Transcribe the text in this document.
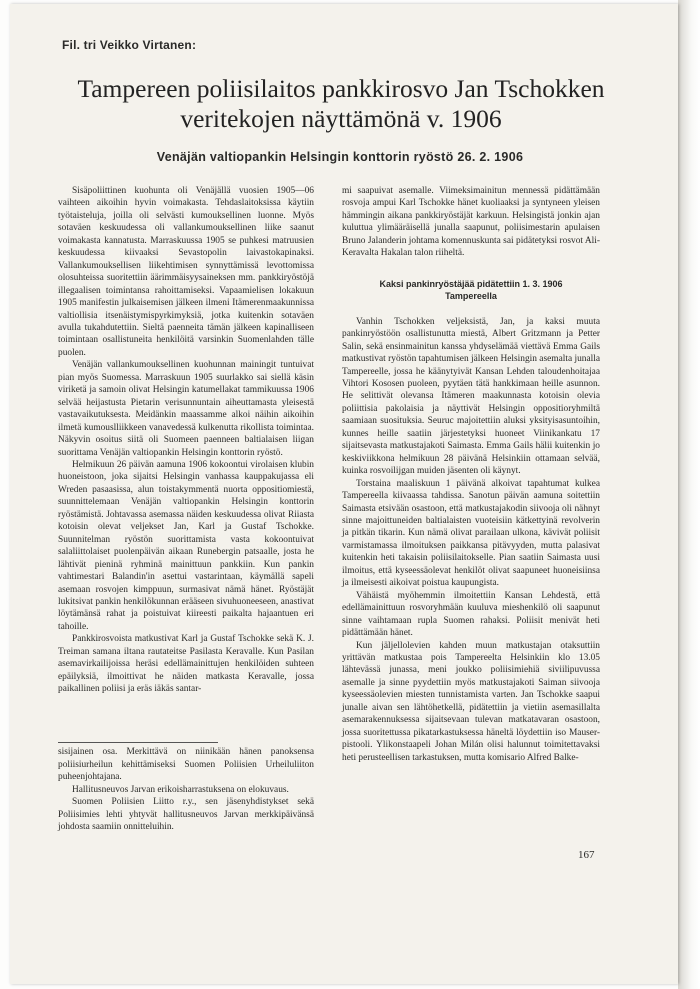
Fil. tri Veikko Virtanen:
Tampereen poliisilaitos pankkirosvo Jan Tschokken
veritekojen näyttämönä v. 1906
Venäjän valtiopankin Helsingin konttorin ryöstö 26. 2. 1906

Sisäpoliittinen kuohunta oli Venäjällä vuosien 1905—06 vaihteen aikoihin hyvin voimakasta. Tehdaslaitoksissa käytiin työtaisteluja, joilla oli selvästi kumouksellinen luonne. Myös sotaväen keskuudessa oli vallankumouksellinen liike saanut voimakasta kannatusta. Marraskuussa 1905 se puhkesi matruusien keskuudessa kiivaaksi Sevastopolin laivastokapinaksi. Vallankumouksellisen liikehtimisen synnyttämissä levottomissa olosuhteissa suoritettiin äärimmäisyysaineksen mm. pankkiryöstöjä illegaalisen toimintansa rahoittamiseksi. Vapaamielisen lokakuun 1905 manifestin julkaisemisen jälkeen ilmeni Itämerenmaakunnissa valtiollisia itsenäistymispyrkimyksiä, jotka kuitenkin sotaväen avulla tukahdutettiin. Sieltä paenneita tämän jälkeen kapinalliseen toimintaan osallistuneita henkilöitä varsinkin Suomenlahden tälle puolen.

Venäjän vallankumouksellinen kuohunnan mainingit tuntuivat pian myös Suomessa. Marraskuun 1905 suurlakko sai siellä käsin viriketä ja samoin olivat Helsingin katumellakat tammikuussa 1906 selvää heijastusta Pietarin verisunnuntain aiheuttamasta yleisestä vastavaikutuksesta. Meidänkin maassamme alkoi näihin aikoihin ilmetä kumouslliikkeen vanavedessä kulkenutta rikollista toimintaa. Näkyvin osoitus siitä oli Suomeen paenneen baltialaisen liigan suorittama Venäjän valtiopankin Helsingin konttorin ryöstö.

Helmikuun 26 päivän aamuna 1906 kokoontui virolaisen klubin huoneistoon, joka sijaitsi Helsingin vanhassa kauppakujassa eli Wreden pasaasissa, alun toistakymmentä nuorta oppositiomiestä, suunnittelemaan Venäjän valtiopankin Helsingin konttorin ryöstämistä. Johtavassa asemassa näiden keskuudessa olivat Riiasta kotoisin olevat veljekset Jan, Karl ja Gustaf Tschokke. Suunnitelman ryöstön suorittamista vasta kokoontuivat salaliittolaiset puolenpäivän aikaan Runebergin patsaalle, josta he lähtivät pieninä ryhminä mainittuun pankkiin. Kun pankin vahtimestari Balandin'in asettui vastarintaan, käymällä sapeli asemaan rosvojen kimppuun, surmasivat nämä hänet. Ryöstäjät lukitsivat pankin henkilökunnan erääseen sivuhuoneeseen, anastivat löytämänsä rahat ja poistuivat kiireesti paikalta hajaantuen eri tahoille.

Pankkirosvoista matkustivat Karl ja Gustaf Tschokke sekä K. J. Treiman samana iltana rautateitse Pasilasta Keravalle. Kun Pasilan asemavirkailijoissa heräsi edellämainittujen henkilöiden suhteen epäilyksiä, ilmoittivat he näiden matkasta Keravalle, jossa paikallinen poliisi ja eräs iäkäs santar-

sisijainen osa. Merkittävä on niinikään hänen panoksensa poliisiurheilun kehittämiseksi Suomen Poliisien Urheiluliiton puheenjohtajana.

Hallitusneuvos Jarvan erikoisharrastuksena on elokuvaus.

Suomen Poliisien Liitto r.y., sen jäsenyhdistykset sekä Poliisimies lehti yhtyvät hallitusneuvos Jarvan merkkipäivänsä johdosta saamiin onnitteluihin.

mi saapuivat asemalle. Viimeksimainitun mennessä pidättämään rosvoja ampui Karl Tschokke hänet kuoliaaksi ja syntyneen yleisen hämmingin aikana pankkiryöstäjät karkuun. Helsingistä jonkin ajan kuluttua ylimääräisellä junalla saapunut, poliisimestarin apulaisen Bruno Jalanderin johtama komennuskunta sai pidätetyksi rosvot Ali-Keravalta Hakalan talon riiheltä.

Kaksi pankinryöstäjää pidätettiin 1. 3. 1906
Tampereella

Vanhin Tschokken veljeksistä, Jan, ja kaksi muuta pankinryöstöön osallistunutta miestä, Albert Gritzmann ja Petter Salin, sekä ensinmainitun kanssa yhdyselämää viettävä Emma Gails matkustivat ryöstön tapahtumisen jälkeen Helsingin asemalta junalla Tampereelle, jossa he käänytyivät Kansan Lehden taloudenhoitajaa Vihtori Kososen puoleen, pyytäen tätä hankkimaan heille asunnon. He selittivät olevansa Itämeren maakunnasta kotoisin olevia poliittisia pakolaisia ja näyttivät Helsingin oppositioryhmiltä saamiaan suosituksia. Seuruc majoitettiin aluksi yksityisasuntoihin, kunnes heille saatiin järjestetyksi huoneet Viinikankatu 17 sijaitsevasta matkustajakoti Saimasta. Emma Gails hälii kuitenkin jo keskiviikkona helmikuun 28 päivänä Helsinkiin ottamaan selvää, kuinka rosvoilijgan muiden jäsenten oli käynyt.

Torstaina maaliskuun 1 päivänä alkoivat tapahtumat kulkea Tampereella kiivaassa tahdissa. Sanotun päivän aamuna soitettiin Saimasta etsivään osastoon, että matkustajakodin siivooja oli nähnyt sinne majoittuneiden baltialaisten vuoteisiin kätkettyinä revolverin ja pitkän tikarin. Kun nämä olivat parailaan ulkona, kävivät poliisit varmistamassa ilmoituksen paikkansa pitävyyden, mutta palasivat kuitenkin heti takaisin poliisilaitokselle. Pian saatiin Saimasta uusi ilmoitus, että kyseessäolevat henkilöt olivat saapuneet huoneisiinsa ja ilmeisesti aikoivat poistua kaupungista.

Vähäistä myöhemmin ilmoitettiin Kansan Lehdestä, että edellämainittuun rosvoryhmään kuuluva mieshenkilö oli saapunut sinne vaihtamaan rupla Suomen rahaksi. Poliisit menivät heti pidättämään hänet.

Kun jäljellolevien kahden muun matkustajan otaksuttiin yrittävän matkustaa pois Tampereelta Helsinkiin klo 13.05 lähtevässä junassa, meni joukko poliisimiehiä siviilipuvussa asemalle ja sinne pyydettiin myös matkustajakoti Saiman siivooja kyseessäolevien miesten tunnistamista varten. Jan Tschokke saapui junalle aivan sen lähtöhetkellä, pidätettiin ja vietiin asemasillalta asemarakennuksessa sijaitsevaan tulevan matkatavaran osastoon, jossa suoritettussa pikatarkastuksessa häneltä löydettiin iso Mauser-pistooli. Ylikonstaapeli Johan Milán olisi halunnut toimitettavaksi heti perusteellisen tarkastuksen, mutta komisario Alfred Balke-

167
